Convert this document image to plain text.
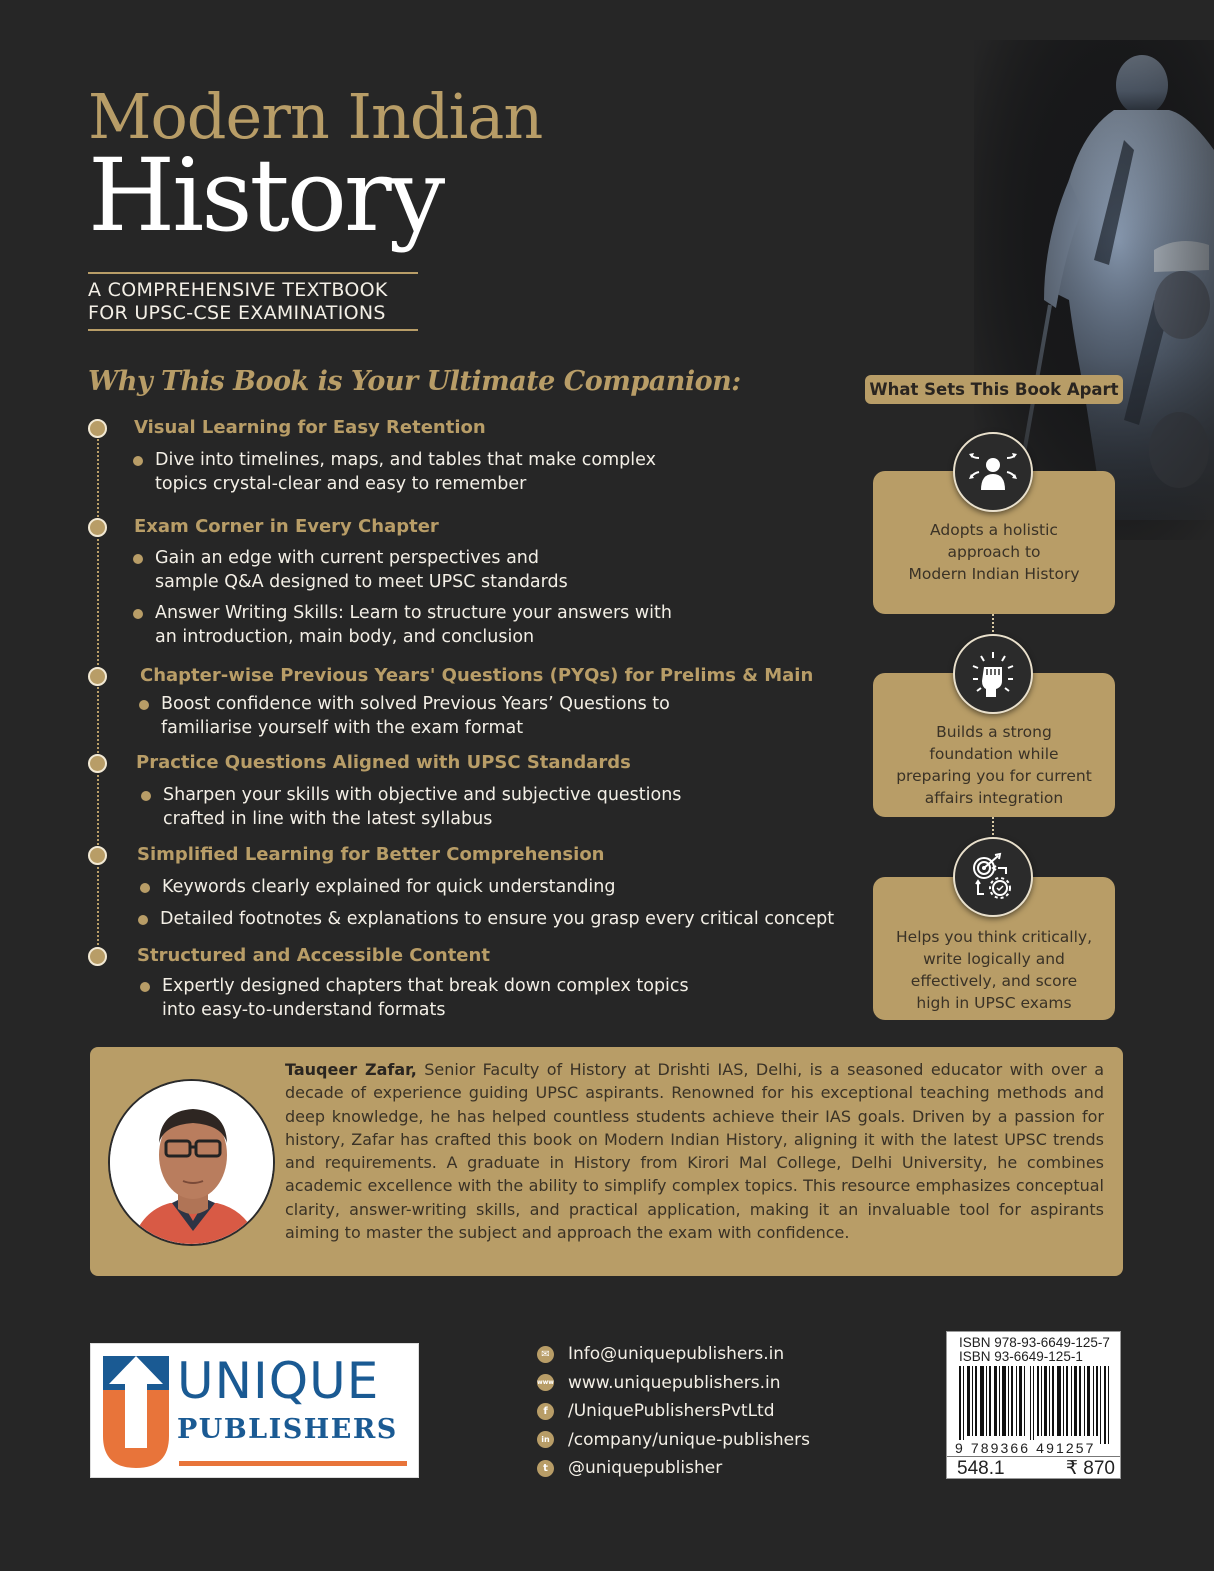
Modern Indian
History
A COMPREHENSIVE TEXTBOOK
FOR UPSC-CSE EXAMINATIONS
Why This Book is Your Ultimate Companion:
Visual Learning for Easy Retention
Dive into timelines, maps, and tables that make complex
topics crystal-clear and easy to remember
Exam Corner in Every Chapter
Gain an edge with current perspectives and
sample Q&A designed to meet UPSC standards
Answer Writing Skills: Learn to structure your answers with
an introduction, main body, and conclusion
Chapter-wise Previous Years' Questions (PYQs) for Prelims & Main
Boost confidence with solved Previous Years’ Questions to
familiarise yourself with the exam format
Practice Questions Aligned with UPSC Standards
Sharpen your skills with objective and subjective questions
crafted in line with the latest syllabus
Simplified Learning for Better Comprehension
Keywords clearly explained for quick understanding
Detailed footnotes & explanations to ensure you grasp every critical concept
Structured and Accessible Content
Expertly designed chapters that break down complex topics
into easy-to-understand formats
What Sets This Book Apart
Adopts a holistic
approach to
Modern Indian History
Builds a strong
foundation while
preparing you for current
affairs integration
Helps you think critically,
write logically and
effectively, and score
high in UPSC exams
Tauqeer Zafar, Senior Faculty of History at Drishti IAS, Delhi, is a seasoned educator with over a decade of experience guiding UPSC aspirants. Renowned for his exceptional teaching methods and deep knowledge, he has helped countless students achieve their IAS goals. Driven by a passion for history, Zafar has crafted this book on Modern Indian History, aligning it with the latest UPSC trends and requirements. A graduate in History from Kirori Mal College, Delhi University, he combines academic excellence with the ability to simplify complex topics. This resource emphasizes conceptual clarity, answer-writing skills, and practical application, making it an invaluable tool for aspirants aiming to master the subject and approach the exam with confidence.
UNIQUE
PUBLISHERS
✉ Info@uniquepublishers.in
www www.uniquepublishers.in
f	/UniquePublishersPvtLtd
in /company/unique-publishers
t	@uniquepublisher
ISBN 978-93-6649-125-7
ISBN 93-6649-125-1
9 789366 491257
548.1	₹ 870
